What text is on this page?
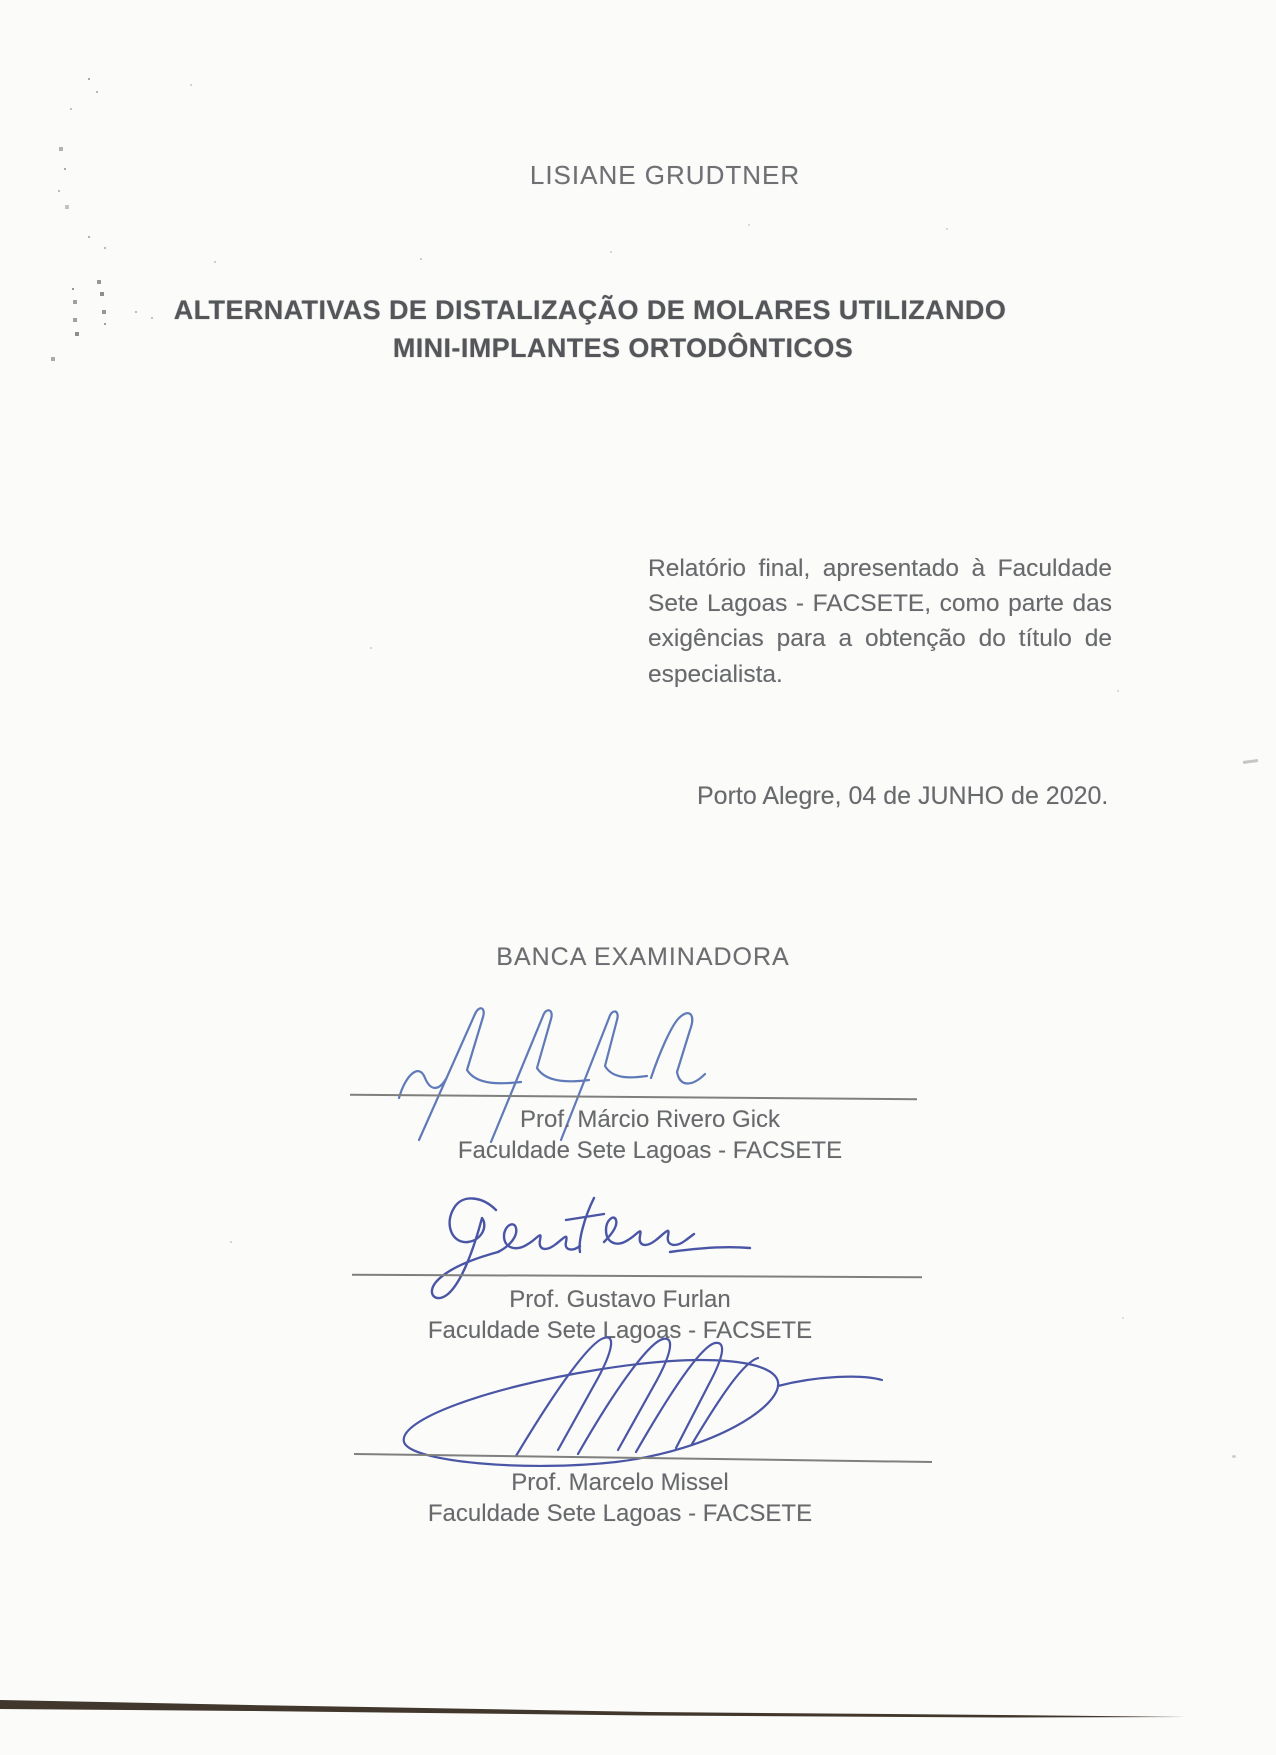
LISIANE GRUDTNER
ALTERNATIVAS DE DISTALIZAÇÃO DE MOLARES UTILIZANDO
MINI-IMPLANTES ORTODÔNTICOS
Relatório final, apresentado à Faculdade
Sete Lagoas - FACSETE, como parte das
exigências para a obtenção do título de
especialista.
Porto Alegre, 04 de JUNHO de 2020.
BANCA EXAMINADORA
Prof. Márcio Rivero Gick
Faculdade Sete Lagoas - FACSETE
Prof. Gustavo Furlan
Faculdade Sete Lagoas - FACSETE
Prof. Marcelo Missel
Faculdade Sete Lagoas - FACSETE
